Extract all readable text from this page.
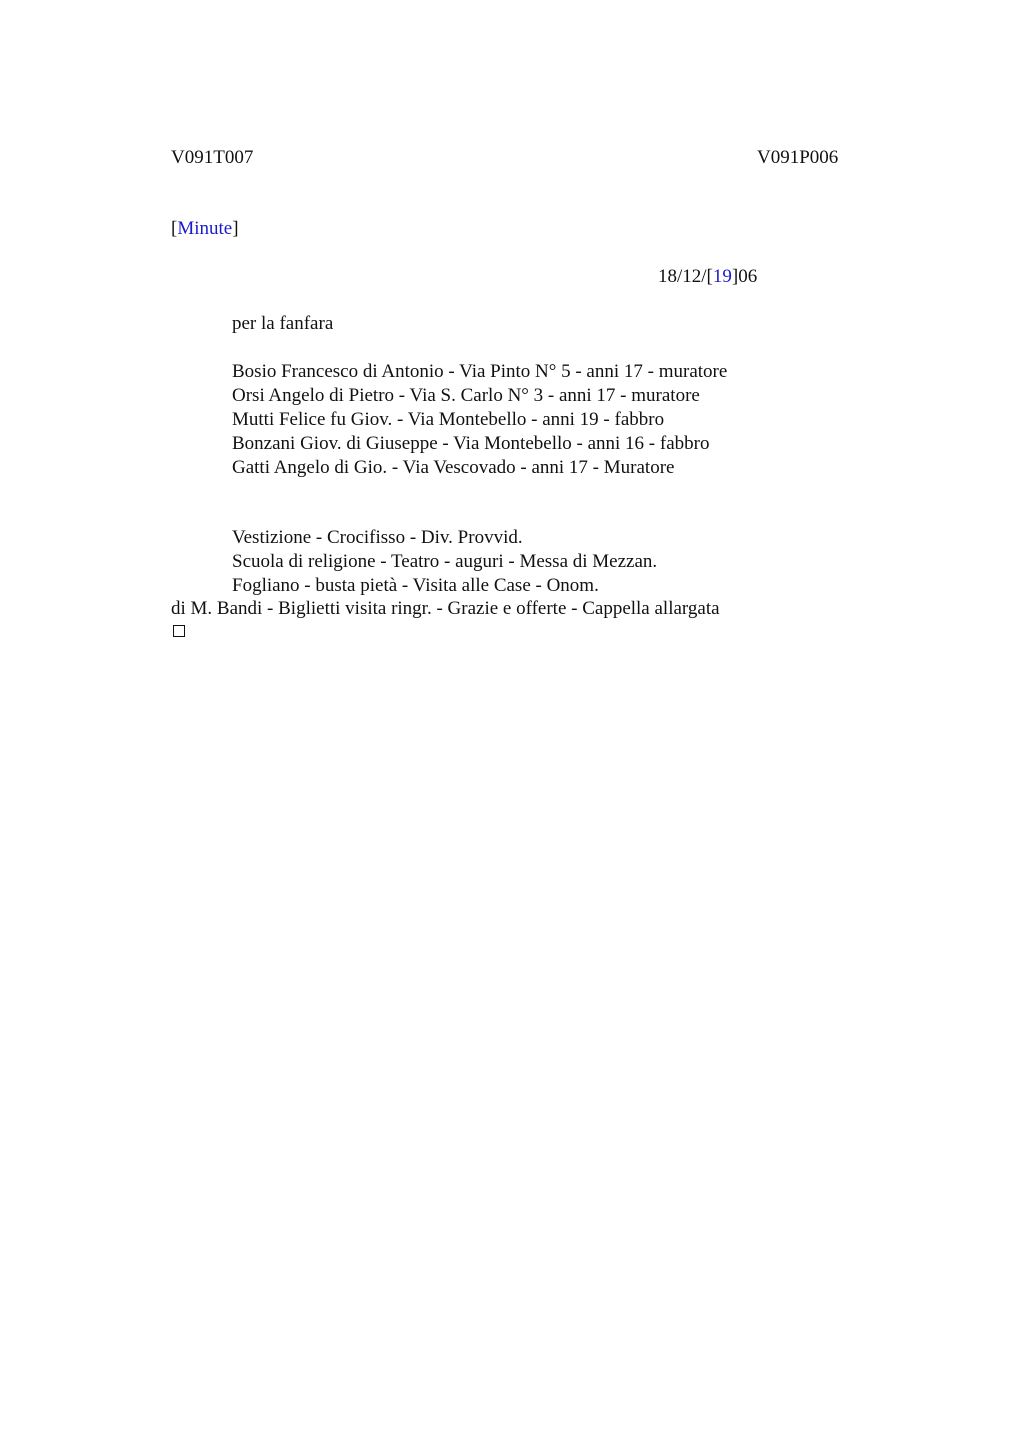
V091T007	V091P006
[Minute]
18/12/[19]06
per la fanfara
Bosio Francesco di Antonio - Via Pinto N° 5 - anni 17 - muratore
Orsi Angelo di Pietro - Via S. Carlo N° 3 - anni 17 - muratore
Mutti Felice fu Giov. - Via Montebello - anni 19 - fabbro
Bonzani Giov. di Giuseppe - Via Montebello - anni 16 - fabbro
Gatti Angelo di Gio. - Via Vescovado - anni 17 - Muratore
Vestizione - Crocifisso - Div. Provvid.
Scuola di religione - Teatro - auguri - Messa di Mezzan.
Fogliano - busta pietà - Visita alle Case - Onom.
di M. Bandi - Biglietti visita ringr. - Grazie e offerte - Cappella allargata
